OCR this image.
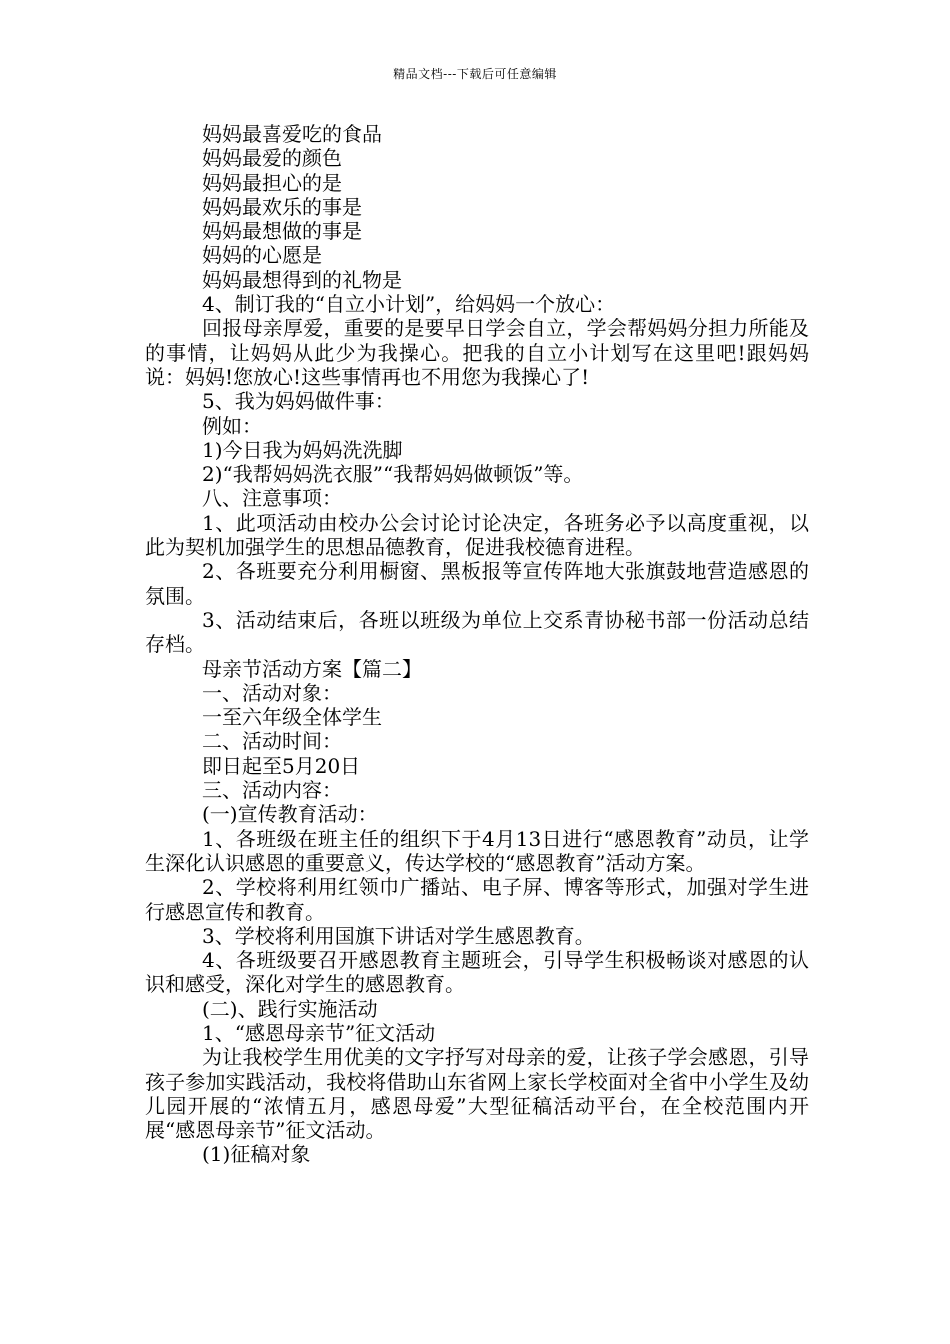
精品文档---下载后可任意编辑

妈妈最喜爱吃的食品

妈妈最爱的颜色

妈妈最担心的是

妈妈最欢乐的事是

妈妈最想做的事是

妈妈的心愿是

妈妈最想得到的礼物是

4、制订我的“自立小计划”，给妈妈一个放心：

回报母亲厚爱，重要的是要早日学会自立，学会帮妈妈分担力所能及的事情，让妈妈从此少为我操心。把我的自立小计划写在这里吧!跟妈妈说：妈妈!您放心!这些事情再也不用您为我操心了!

5、我为妈妈做件事：

例如：

1)今日我为妈妈洗洗脚

2)“我帮妈妈洗衣服”“我帮妈妈做顿饭”等。

八、注意事项：

1、此项活动由校办公会讨论讨论决定，各班务必予以高度重视，以此为契机加强学生的思想品德教育，促进我校德育进程。

2、各班要充分利用橱窗、黑板报等宣传阵地大张旗鼓地营造感恩的氛围。

3、活动结束后，各班以班级为单位上交系青协秘书部一份活动总结存档。

母亲节活动方案【篇二】

一、活动对象：

一至六年级全体学生

二、活动时间：

即日起至5月20日

三、活动内容：

(一)宣传教育活动：

1、各班级在班主任的组织下于4月13日进行“感恩教育”动员，让学生深化认识感恩的重要意义，传达学校的“感恩教育”活动方案。

2、学校将利用红领巾广播站、电子屏、博客等形式，加强对学生进行感恩宣传和教育。

3、学校将利用国旗下讲话对学生感恩教育。

4、各班级要召开感恩教育主题班会，引导学生积极畅谈对感恩的认识和感受，深化对学生的感恩教育。

(二)、践行实施活动

1、“感恩母亲节”征文活动

为让我校学生用优美的文字抒写对母亲的爱，让孩子学会感恩，引导孩子参加实践活动，我校将借助山东省网上家长学校面对全省中小学生及幼儿园开展的“浓情五月，感恩母爱”大型征稿活动平台，在全校范围内开展“感恩母亲节”征文活动。

(1)征稿对象
